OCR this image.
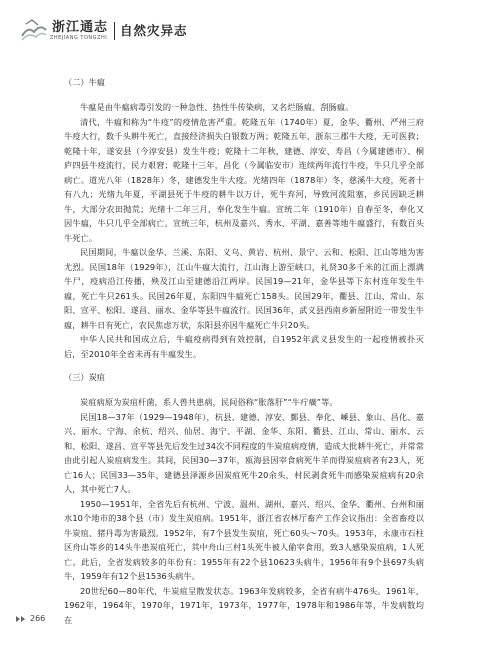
浙江通志
ZHEJIANG TONGZHI 自然灾异志
（二）牛瘟

牛瘟是由牛瘟病毒引发的一种急性、热性牛传染病，又名烂肠瘟、刮肠瘟。

清代，牛瘟和称为“牛疫”的疫情危害严重。乾隆五年（1740年）夏，金华、衢州、严州三府牛疫大行，数千头耕牛死亡，直接经济损失白银数万两；乾隆五年，浙东三郡牛大疫，无可医救；乾隆十年，遂安县（今淳安县）发生牛疫；乾隆十二年秋，建德、淳安、寿昌（今属建德市）、桐庐四县牛疫流行，民力艰窘；乾隆十三年，昌化（今属临安市）连续两年流行牛疫，牛只几乎全部病亡。道光八年（1828年）冬，建德发生牛大疫。光绪四年（1878年）冬，慈溪牛大疫，死者十有八九；光绪九年夏，平湖县死于牛疫的耕牛以万计，死牛弃河，导致河流阻塞，乡民因缺乏耕牛，大部分农田抛荒；光绪十二年三月，奉化发生牛瘟。宣统二年（1910年）自春至冬，奉化又因牛瘟，牛只几乎全部病亡。宣统三年，杭州及嘉兴、秀水、平湖、嘉善等地牛瘟盛行，有数百头牛死亡。

民国期间，牛瘟以金华、兰溪、东阳、义乌、黄岩、杭州、景宁、云和、松阳、江山等地为害尤烈。民国18年（1929年），江山牛瘟大流行，江山海上游至峡口，礼贤30多千米的江面上漂满牛尸，疫病沿江传播，殃及江山至建德沿江两岸。民国19—21年，金华县等下东村连年发生牛瘟，死亡牛只261头。民国26年夏，东阳四牛瘟死亡158头。民国29年，衢县、江山、常山、东阳、宣平、松阳、遂昌、丽水、金华等县牛瘟流行。民国36年，武义县西南乡新屋附近一带发生牛瘟，耕牛日有死亡，农民焦虑万状，东阳县亦因牛瘟死亡牛只20头。

中华人民共和国成立后，牛瘟疫病得到有效控制，自1952年武义县发生的一起疫情被扑灭后，至2010年全省未再有牛瘟发生。

（三）炭疽

炭疽病原为炭疽杆菌，系人兽共患病，民间俗称“胀落肝”“牛疔癀”等。

民国18—37年（1929—1948年），杭县、建德、淳安、鄞县、奉化、嵊县、象山、昌化、嘉兴、丽水、宁海、余杭、绍兴、仙居、海宁、平湖、金华、东阳、衢县、江山、常山、丽水、云和、松阳、遂昌、宣平等县先后发生过34次不同程度的牛炭疽病疫情，造成大批耕牛死亡，并常常由此引起人炭疽病发生。其间，民国30—37年，瓯海县因宰食病死牛羊而得炭疽病者有23人，死亡16人；民国33—35年，建德县泽源乡因炭疽死牛20余头，村民剥食死牛而感染炭疽病有20余人，其中死亡7人。

1950—1951年，全省先后有杭州、宁波、温州、湖州、嘉兴、绍兴、金华、衢州、台州和丽水10个地市的38个县（市）发生炭疽病。1951年，浙江省农林厅畜产工作会议指出：全省畜疫以牛炭疽、猪丹毒为害最烈。1952年，有7个县发生炭疽，死亡60头～70头。1953年，永康市石柱区舟山等乡的14头牛患炭疽死亡，其中舟山三村1头死牛被人偷宰食用，致3人感染炭疽病，1人死亡。此后，全省发病较多的年份有：1955年有22个县10623头病牛，1956年有9个县697头病牛，1959年有12个县1536头病牛。

20世纪60—80年代，牛炭疽呈散发状态。1963年发病较多，全省有病牛476头。1961年，1962年，1964年，1970年，1971年，1973年，1977年，1978年和1986年等，牛发病数均在

266
